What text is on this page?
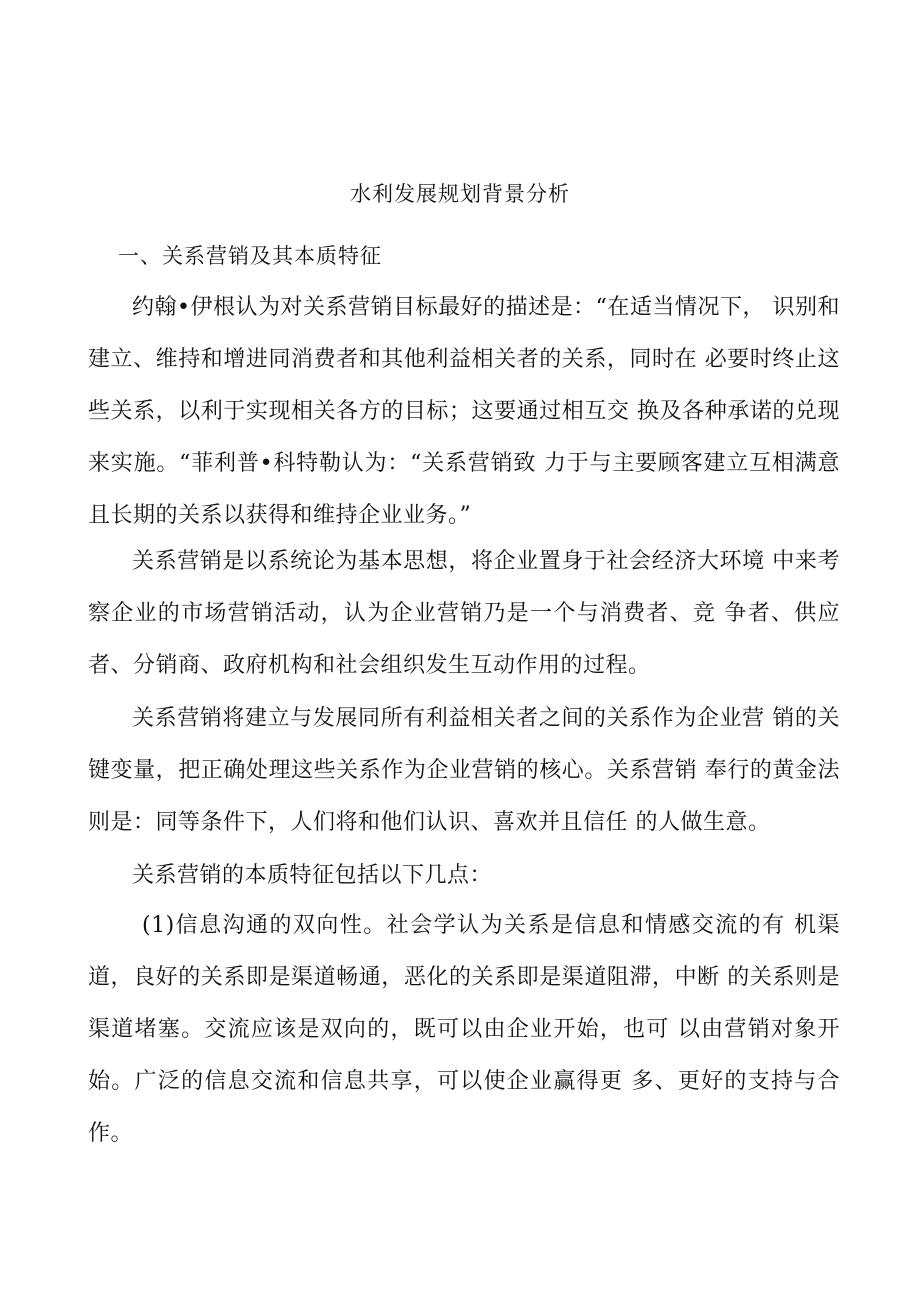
水利发展规划背景分析
一、关系营销及其本质特征

约翰•伊根认为对关系营销目标最好的描述是：“在适当情况下， 识别和建立、维持和增进同消费者和其他利益相关者的关系，同时在 必要时终止这些关系，以利于实现相关各方的目标；这要通过相互交 换及各种承诺的兑现来实施。“菲利普•科特勒认为：“关系营销致 力于与主要顾客建立互相满意且长期的关系以获得和维持企业业务。”

关系营销是以系统论为基本思想，将企业置身于社会经济大环境 中来考察企业的市场营销活动，认为企业营销乃是一个与消费者、竞 争者、供应者、分销商、政府机构和社会组织发生互动作用的过程。

关系营销将建立与发展同所有利益相关者之间的关系作为企业营 销的关键变量，把正确处理这些关系作为企业营销的核心。关系营销 奉行的黄金法则是：同等条件下，人们将和他们认识、喜欢并且信任 的人做生意。

关系营销的本质特征包括以下几点：

(1)信息沟通的双向性。社会学认为关系是信息和情感交流的有 机渠道，良好的关系即是渠道畅通，恶化的关系即是渠道阻滞，中断 的关系则是渠道堵塞。交流应该是双向的，既可以由企业开始，也可 以由营销对象开始。广泛的信息交流和信息共享，可以使企业赢得更 多、更好的支持与合作。
